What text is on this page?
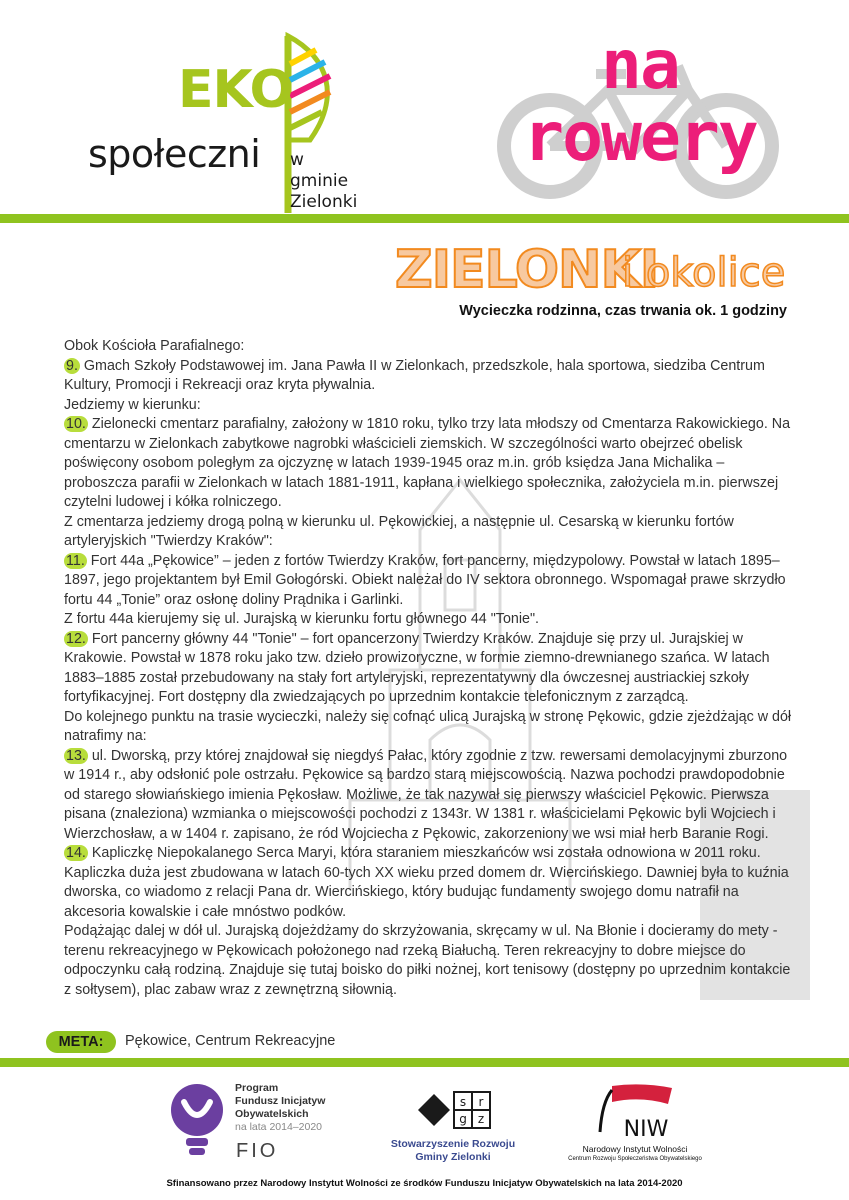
EKO
społeczni w gminie
Zielonki
na
rowery
ZIELONKI
i okolice
Wycieczka rodzinna, czas trwania ok. 1 godziny

Obok Kościoła Parafialnego:

9. Gmach Szkoły Podstawowej im. Jana Pawła II w Zielonkach, przedszkole, hala sportowa, siedziba Centrum Kultury, Promocji i Rekreacji oraz kryta pływalnia.

Jedziemy w kierunku:

10. Zielonecki cmentarz parafialny, założony w 1810 roku, tylko trzy lata młodszy od Cmentarza Rakowickiego. Na cmentarzu w Zielonkach zabytkowe nagrobki właścicieli ziemskich. W szczególności warto obejrzeć obelisk poświęcony osobom poległym za ojczyznę w latach 1939-1945 oraz m.in. grób księdza Jana Michalika – proboszcza parafii w Zielonkach w latach 1881-1911, kapłana i wielkiego społecznika, założyciela m.in. pierwszej czytelni ludowej i kółka rolniczego.

Z cmentarza jedziemy drogą polną w kierunku ul. Pękowickiej, a następnie ul. Cesarską w kierunku fortów artyleryjskich "Twierdzy Kraków":

11. Fort 44a „Pękowice” – jeden z fortów Twierdzy Kraków, fort pancerny, międzypolowy. Powstał w latach 1895–1897, jego projektantem był Emil Gołogórski. Obiekt należał do IV sektora obronnego. Wspomagał prawe skrzydło fortu 44 „Tonie” oraz osłonę doliny Prądnika i Garlinki.

Z fortu 44a kierujemy się ul. Jurajską w kierunku fortu głównego 44 "Tonie".

12. Fort pancerny główny 44 "Tonie" – fort opancerzony Twierdzy Kraków. Znajduje się przy ul. Jurajskiej w Krakowie. Powstał w 1878 roku jako tzw. dzieło prowizoryczne, w formie ziemno-drewnianego szańca. W latach 1883–1885 został przebudowany na stały fort artyleryjski, reprezentatywny dla ówczesnej austriackiej szkoły fortyfikacyjnej. Fort dostępny dla zwiedzających po uprzednim kontakcie telefonicznym z zarządcą.

Do kolejnego punktu na trasie wycieczki, należy się cofnąć ulicą Jurajską w stronę Pękowic, gdzie zjeżdżając w dół natrafimy na:

13. ul. Dworską, przy której znajdował się niegdyś Pałac, który zgodnie z tzw. rewersami demolacyjnymi zburzono w 1914 r., aby odsłonić pole ostrzału. Pękowice są bardzo starą miejscowością. Nazwa pochodzi prawdopodobnie od starego słowiańskiego imienia Pękosław. Możliwe, że tak nazywał się pierwszy właściciel Pękowic. Pierwsza pisana (znaleziona) wzmianka o miejscowości pochodzi z 1343r. W 1381 r. właścicielami Pękowic byli Wojciech i Wierzchosław, a w 1404 r. zapisano, że ród Wojciecha z Pękowic, zakorzeniony we wsi miał herb Baranie Rogi.

14. Kapliczkę Niepokalanego Serca Maryi, która staraniem mieszkańców wsi została odnowiona w 2011 roku. Kapliczka duża jest zbudowana w latach 60-tych XX wieku przed domem dr. Wiercińskiego. Dawniej była to kuźnia dworska, co wiadomo z relacji Pana dr. Wiercińskiego, który budując fundamenty swojego domu natrafił na akcesoria kowalskie i całe mnóstwo podków.

Podążając dalej w dół ul. Jurajską dojeżdżamy do skrzyżowania, skręcamy w ul. Na Błonie i docieramy do mety - terenu rekreacyjnego w Pękowicach położonego nad rzeką Białuchą. Teren rekreacyjny to dobre miejsce do odpoczynku całą rodziną. Znajduje się tutaj boisko do piłki nożnej, kort tenisowy (dostępny po uprzednim kontakcie z sołtysem), plac zabaw wraz z zewnętrzną siłownią.

META:	Pękowice, Centrum Rekreacyjne
Program
Fundusz Inicjatyw
Obywatelskich
na lata 2014–2020
FIO
s r
g z
Stowarzyszenie Rozwoju
Gminy Zielonki
NIW
Narodowy Instytut Wolności
Centrum Rozwoju Społeczeństwa Obywatelskiego
Sfinansowano przez Narodowy Instytut Wolności ze środków Funduszu Inicjatyw Obywatelskich na lata 2014-2020
